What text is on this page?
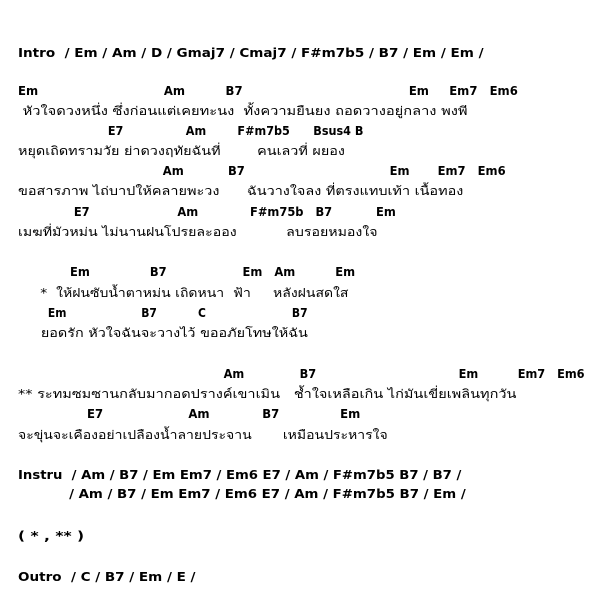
Intro  / Em / Am / D / Gmaj7 / Cmaj7 / F#m7b5 / B7 / Em / Em /
Em                               Am          B7                                         Em     Em7   Em6
หัวใจดวงหนึ่ง ซึ่งก่อนแต่เคยทะนง  ทั้งความยืนยง ถอดวางอยู่กลาง พงพี
E7                Am        F#m7b5      Bsus4 B
หยุดเถิดทรามวัย ย่าดวงฤทัยฉันที่        คนเลวที่ ผยอง
Am           B7                                    Em       Em7   Em6
ขอสารภาพ ไถ่บาปให้คลายพะวง      ฉันวางใจลง ที่ตรงแทบเท้า เนื้อทอง
E7                      Am             F#m75b   B7           Em
เมฆที่มัวหม่น ไม่นานฝนโปรยละออง           ลบรอยหมองใจ
Em               B7                   Em   Am          Em
*  ให้ฝนซับน้ำตาหม่น เถิดหนา  ฟ้า     หลังฝนสดใส
Em                    B7           C                       B7
ยอดรัก หัวใจฉันจะวางไว้ ขออภัยโทษให้ฉัน
Am              B7                                    Em          Em7   Em6
** ระทมซมซานกลับมากอดปรางค์เขาเมิน   ช้ำใจเหลือเกิน ไก่มันเขี่ยเพลินทุกวัน
E7                     Am             B7               Em
จะขุ่นจะเคืองอย่าเปลืองน้ำลายประจาน       เหมือนประหารใจ
Instru  / Am / B7 / Em Em7 / Em6 E7 / Am / F#m7b5 B7 / B7 /
/ Am / B7 / Em Em7 / Em6 E7 / Am / F#m7b5 B7 / Em /
( * , ** )
Outro  / C / B7 / Em / E /
